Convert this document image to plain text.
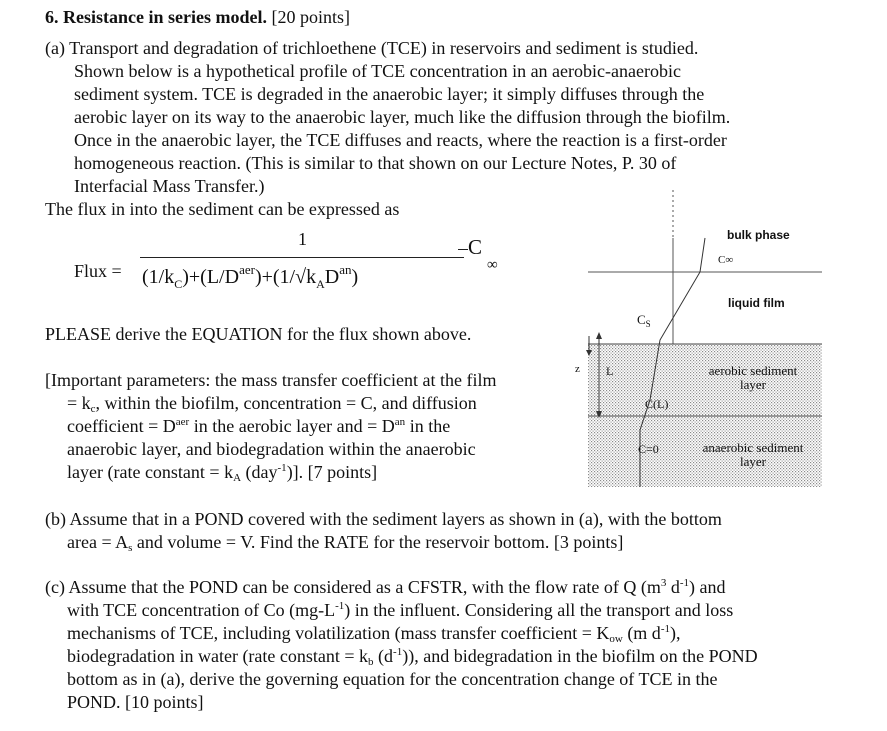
6. Resistance in series model. [20 points]
(a) Transport and degradation of trichloethene (TCE) in reservoirs and sediment is studied.
Shown below is a hypothetical profile of TCE concentration in an aerobic-anaerobic
sediment system. TCE is degraded in the anaerobic layer; it simply diffuses through the
aerobic layer on its way to the anaerobic layer, much like the diffusion through the biofilm.
Once in the anaerobic layer, the TCE diffuses and reacts, where the reaction is a first-order
homogeneous reaction. (This is similar to that shown on our Lecture Notes, P. 30 of
Interfacial Mass Transfer.)
The flux in into the sediment can be expressed as
Flux =
1	C
∞
$(1/k_C)+(L/D^{aer})+(1/√k_AD^{an})$
PLEASE derive the EQUATION for the flux shown above.
[Important parameters: the mass transfer coefficient at the film
= $k_c$, within the biofilm, concentration = C, and diffusion
coefficient = $D^{aer}$ in the aerobic layer and = $D^{an}$ in the
anaerobic layer, and biodegradation within the anaerobic
layer (rate constant = $k_A$ (day$^{-1}$)]. [7 points]
bulk phase
C∞
liquid film
$C_S$
z L	aerobic sediment
layer
C(L)
C=0	anaerobic sediment
layer
(b) Assume that in a POND covered with the sediment layers as shown in (a), with the bottom
area = $A_s$ and volume = V. Find the RATE for the reservoir bottom. [3 points]
(c) Assume that the POND can be considered as a CFSTR, with the flow rate of Q ($m^3$ $d^{-1}$) and
with TCE concentration of Co $(mg-L^{-1})$ in the influent. Considering all the transport and loss
mechanisms of TCE, including volatilization (mass transfer coefficient = $K_{ow}$ (m $d^{-1}$),
biodegradation in water (rate constant = $k_b$ $(d^{-1})$), and bidegradation in the biofilm on the POND
bottom as in (a), derive the governing equation for the concentration change of TCE in the
POND. [10 points]
